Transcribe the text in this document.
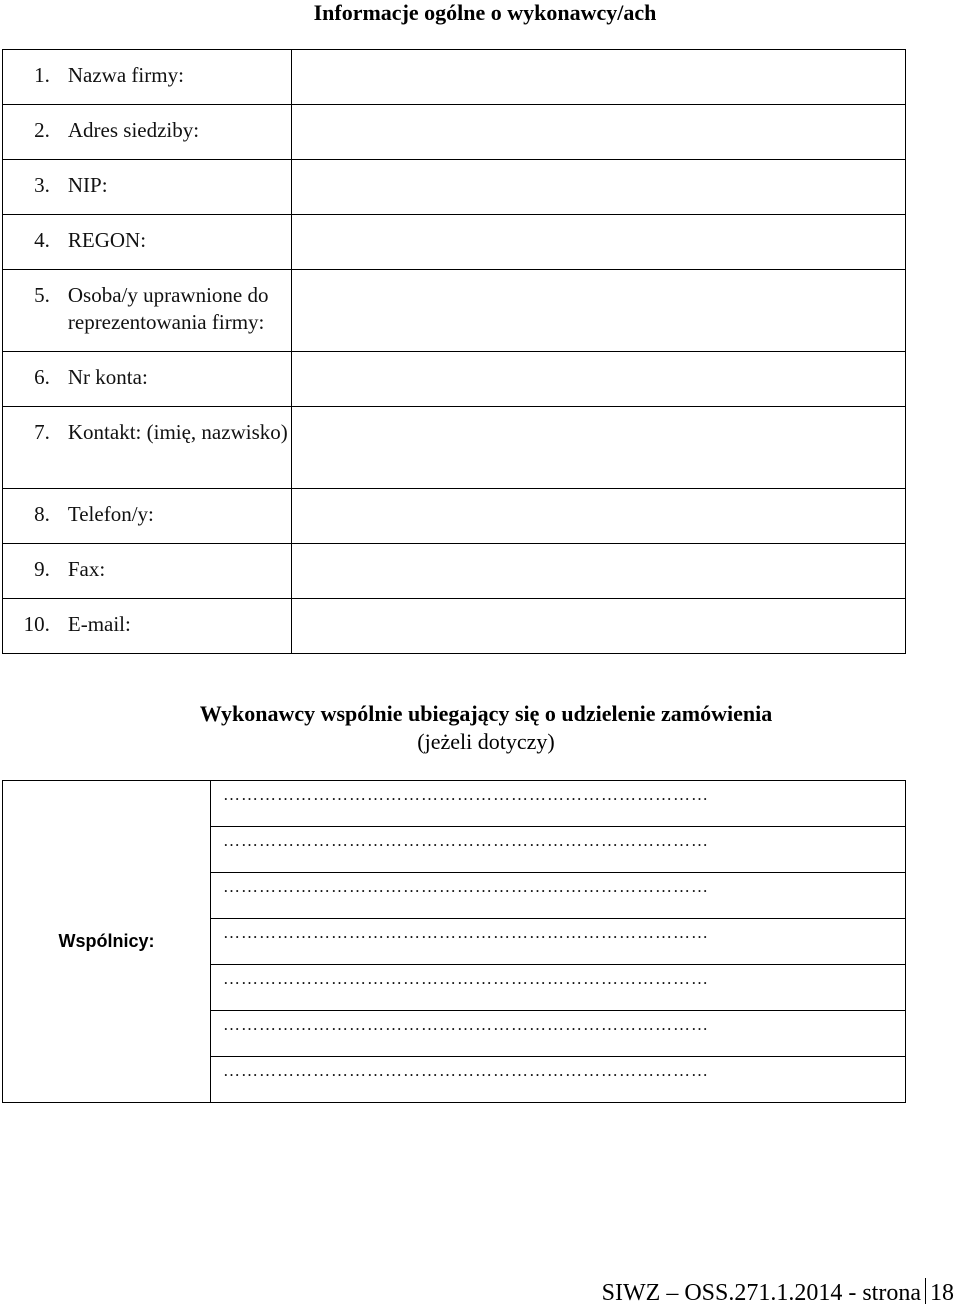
Informacje ogólne o wykonawcy/ach
1.	Nazwa firmy:	
2.	Adres siedziby:	
3.	NIP:	
4.	REGON:	
5.	Osoba/y uprawnione do reprezentowania firmy:	
6.	Nr konta:	
7.	Kontakt: (imię, nazwisko)	
8.	Telefon/y:	
9.	Fax:	
10.	E-mail:	
Wykonawcy wspólnie ubiegający się o udzielenie zamówienia
(jeżeli dotyczy)
Wspólnicy:	
………………………………………………………………………

………………………………………………………………………

………………………………………………………………………

………………………………………………………………………

………………………………………………………………………

………………………………………………………………………

………………………………………………………………………
SIWZ – OSS.271.1.2014 - strona 18
